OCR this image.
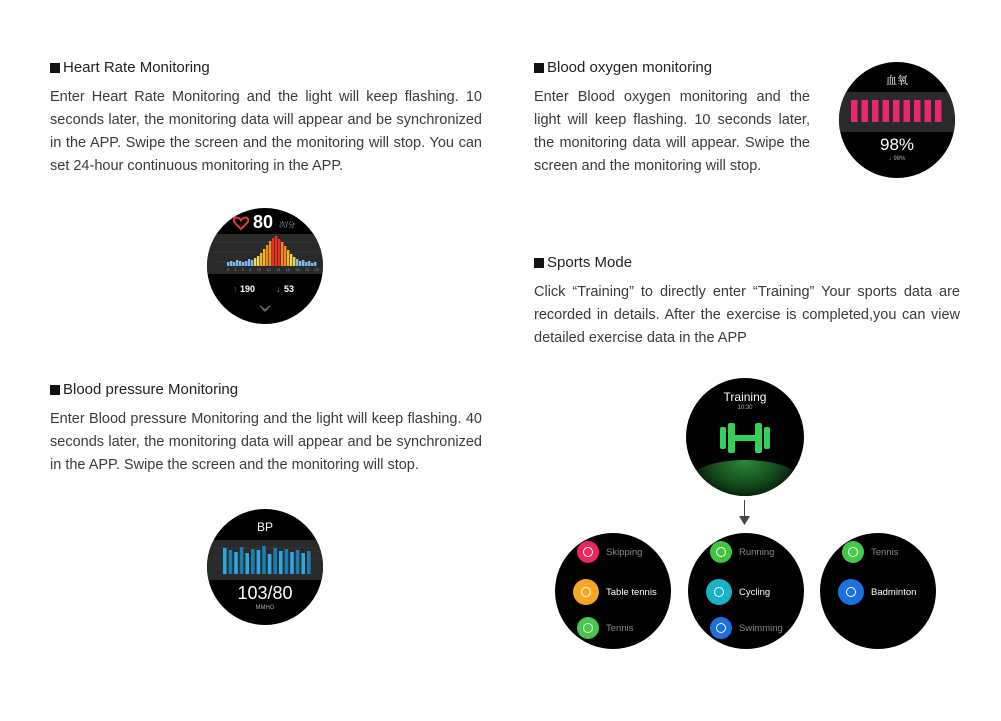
Heart Rate Monitoring
Enter Heart Rate Monitoring and the light will keep flashing. 10 seconds later, the monitoring data will appear and be synchronized in the APP. Swipe the screen and the monitoring will stop. You can set 24-hour continuous monitoring in the APP.
80 次/分
2 4 6 8 10 12 14 16 18 20 22
↑ 190 ↓ 53
Blood pressure Monitoring
Enter Blood pressure Monitoring and the light will keep flashing. 40 seconds later, the monitoring data will appear and be synchronized in the APP. Swipe the screen and the monitoring will stop.
BP
103/80
MMHG
Blood oxygen monitoring
Enter Blood oxygen monitoring and the light will keep flashing. 10 seconds later, the monitoring data will appear. Swipe the screen and the monitoring will stop.
血氧
98%
↓ 98%
Sports Mode
Click “Training” to directly enter “Training” Your sports data are recorded in details. After the exercise is completed,you can view detailed exercise data in the APP
Training
10:30
Skipping
Table tennis
Tennis
Running
Cycling
Swimming
Tennis
Badminton
